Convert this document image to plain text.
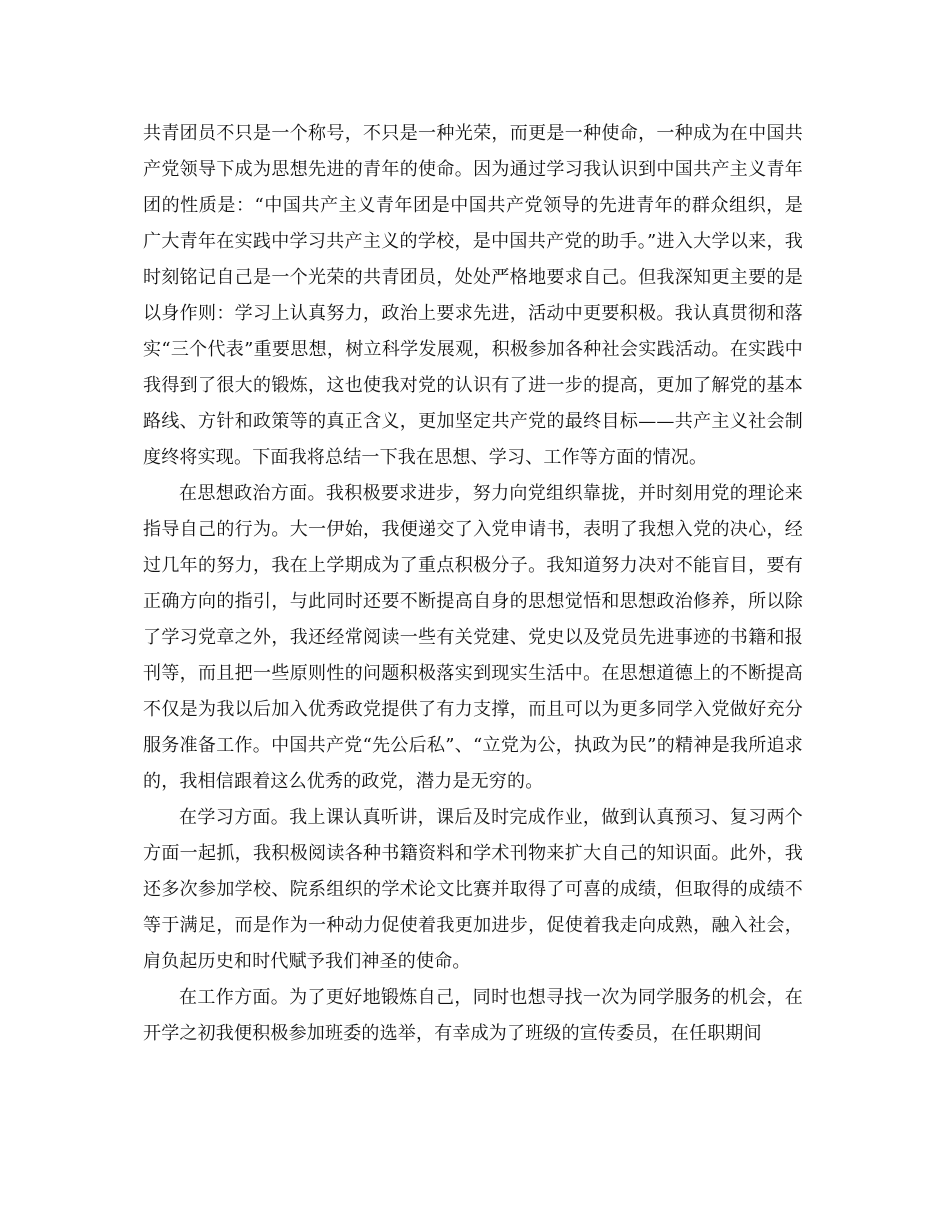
共青团员不只是一个称号，不只是一种光荣，而更是一种使命，一种成为在中国共产党领导下成为思想先进的青年的使命。因为通过学习我认识到中国共产主义青年团的性质是：“中国共产主义青年团是中国共产党领导的先进青年的群众组织，是广大青年在实践中学习共产主义的学校，是中国共产党的助手。”进入大学以来，我时刻铭记自己是一个光荣的共青团员，处处严格地要求自己。但我深知更主要的是以身作则：学习上认真努力，政治上要求先进，活动中更要积极。我认真贯彻和落实“三个代表”重要思想，树立科学发展观，积极参加各种社会实践活动。在实践中我得到了很大的锻炼，这也使我对党的认识有了进一步的提高，更加了解党的基本路线、方针和政策等的真正含义，更加坚定共产党的最终目标——共产主义社会制度终将实现。下面我将总结一下我在思想、学习、工作等方面的情况。

在思想政治方面。我积极要求进步，努力向党组织靠拢，并时刻用党的理论来指导自己的行为。大一伊始，我便递交了入党申请书，表明了我想入党的决心，经过几年的努力，我在上学期成为了重点积极分子。我知道努力决对不能盲目，要有正确方向的指引，与此同时还要不断提高自身的思想觉悟和思想政治修养，所以除了学习党章之外，我还经常阅读一些有关党建、党史以及党员先进事迹的书籍和报刊等，而且把一些原则性的问题积极落实到现实生活中。在思想道德上的不断提高不仅是为我以后加入优秀政党提供了有力支撑，而且可以为更多同学入党做好充分服务准备工作。中国共产党“先公后私”、“立党为公，执政为民”的精神是我所追求的，我相信跟着这么优秀的政党，潜力是无穷的。

在学习方面。我上课认真听讲，课后及时完成作业，做到认真预习、复习两个方面一起抓，我积极阅读各种书籍资料和学术刊物来扩大自己的知识面。此外，我还多次参加学校、院系组织的学术论文比赛并取得了可喜的成绩，但取得的成绩不等于满足，而是作为一种动力促使着我更加进步，促使着我走向成熟，融入社会，肩负起历史和时代赋予我们神圣的使命。

在工作方面。为了更好地锻炼自己，同时也想寻找一次为同学服务的机会，在开学之初我便积极参加班委的选举，有幸成为了班级的宣传委员，在任职期间
